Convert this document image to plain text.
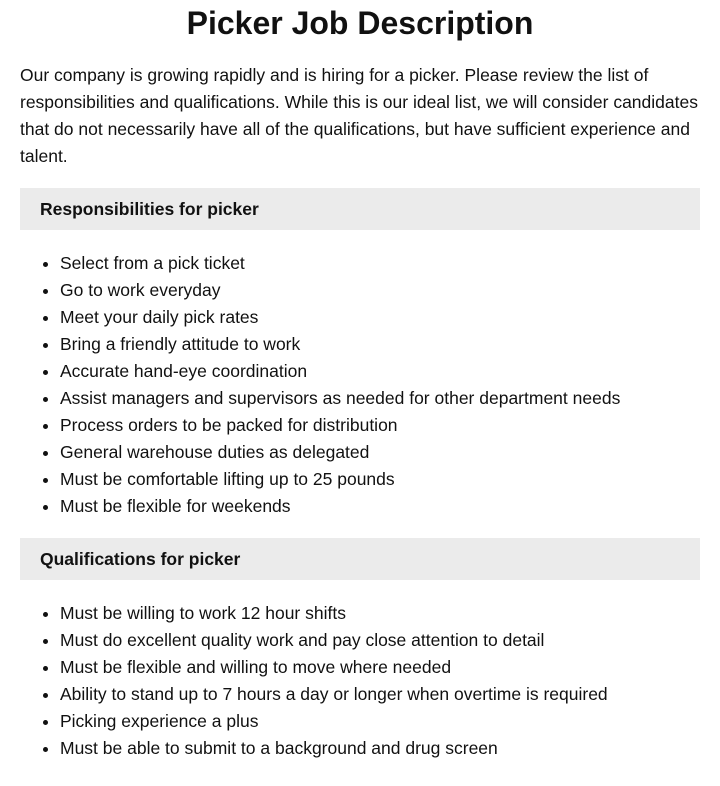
Picker Job Description

Our company is growing rapidly and is hiring for a picker. Please review the list of responsibilities and qualifications. While this is our ideal list, we will consider candidates that do not necessarily have all of the qualifications, but have sufficient experience and talent.

Responsibilities for picker
• Select from a pick ticket
• Go to work everyday
• Meet your daily pick rates
• Bring a friendly attitude to work
• Accurate hand-eye coordination
• Assist managers and supervisors as needed for other department needs
• Process orders to be packed for distribution
• General warehouse duties as delegated
• Must be comfortable lifting up to 25 pounds
• Must be flexible for weekends
Qualifications for picker
• Must be willing to work 12 hour shifts
• Must do excellent quality work and pay close attention to detail
• Must be flexible and willing to move where needed
• Ability to stand up to 7 hours a day or longer when overtime is required
• Picking experience a plus
• Must be able to submit to a background and drug screen
